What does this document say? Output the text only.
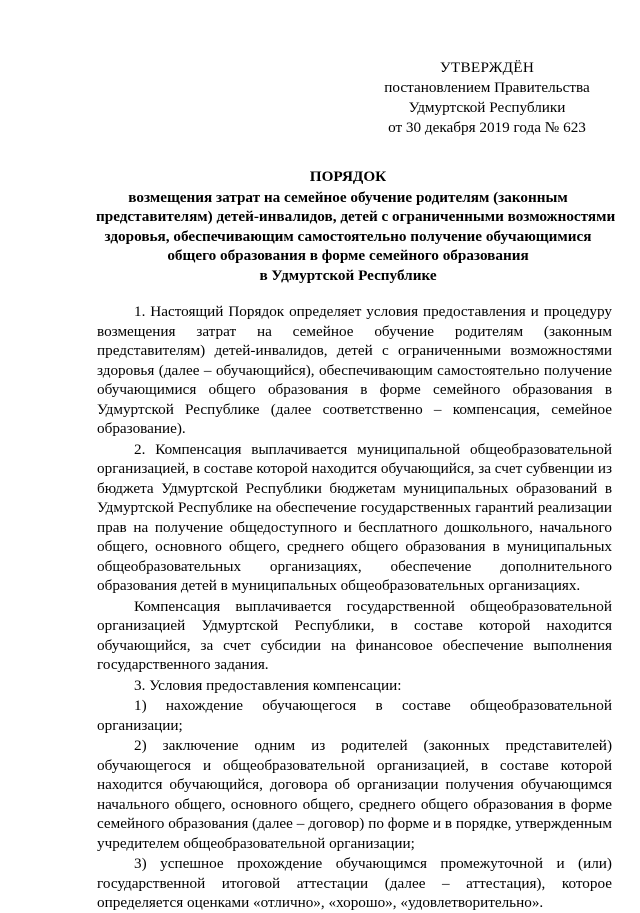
УТВЕРЖДЁН
постановлением Правительства
Удмуртской Республики
от 30 декабря 2019 года № 623
ПОРЯДОК
возмещения затрат на семейное обучение родителям (законным
представителям) детей-инвалидов, детей с ограниченными возможностями
здоровья, обеспечивающим самостоятельно получение обучающимися
общего образования в форме семейного образования
в Удмуртской Республике

1. Настоящий Порядок определяет условия предоставления и процедуру возмещения затрат на семейное обучение родителям (законным представителям) детей-инвалидов, детей с ограниченными возможностями здоровья (далее – обучающийся), обеспечивающим самостоятельно получение обучающимися общего образования в форме семейного образования в Удмуртской Республике (далее соответственно – компенсация, семейное образование).

2. Компенсация выплачивается муниципальной общеобразовательной организацией, в составе которой находится обучающийся, за счет субвенции из бюджета Удмуртской Республики бюджетам муниципальных образований в Удмуртской Республике на обеспечение государственных гарантий реализации прав на получение общедоступного и бесплатного дошкольного, начального общего, основного общего, среднего общего образования в муниципальных общеобразовательных организациях, обеспечение дополнительного образования детей в муниципальных общеобразовательных организациях.

Компенсация выплачивается государственной общеобразовательной организацией Удмуртской Республики, в составе которой находится обучающийся, за счет субсидии на финансовое обеспечение выполнения государственного задания.

3. Условия предоставления компенсации:

1) нахождение обучающегося в составе общеобразовательной организации;

2) заключение одним из родителей (законных представителей) обучающегося и общеобразовательной организацией, в составе которой находится обучающийся, договора об организации получения обучающимся начального общего, основного общего, среднего общего образования в форме семейного образования (далее – договор) по форме и в порядке, утвержденным учредителем общеобразовательной организации;

3) успешное прохождение обучающимся промежуточной и (или) государственной итоговой аттестации (далее – аттестация), которое определяется оценками «отлично», «хорошо», «удовлетворительно».
